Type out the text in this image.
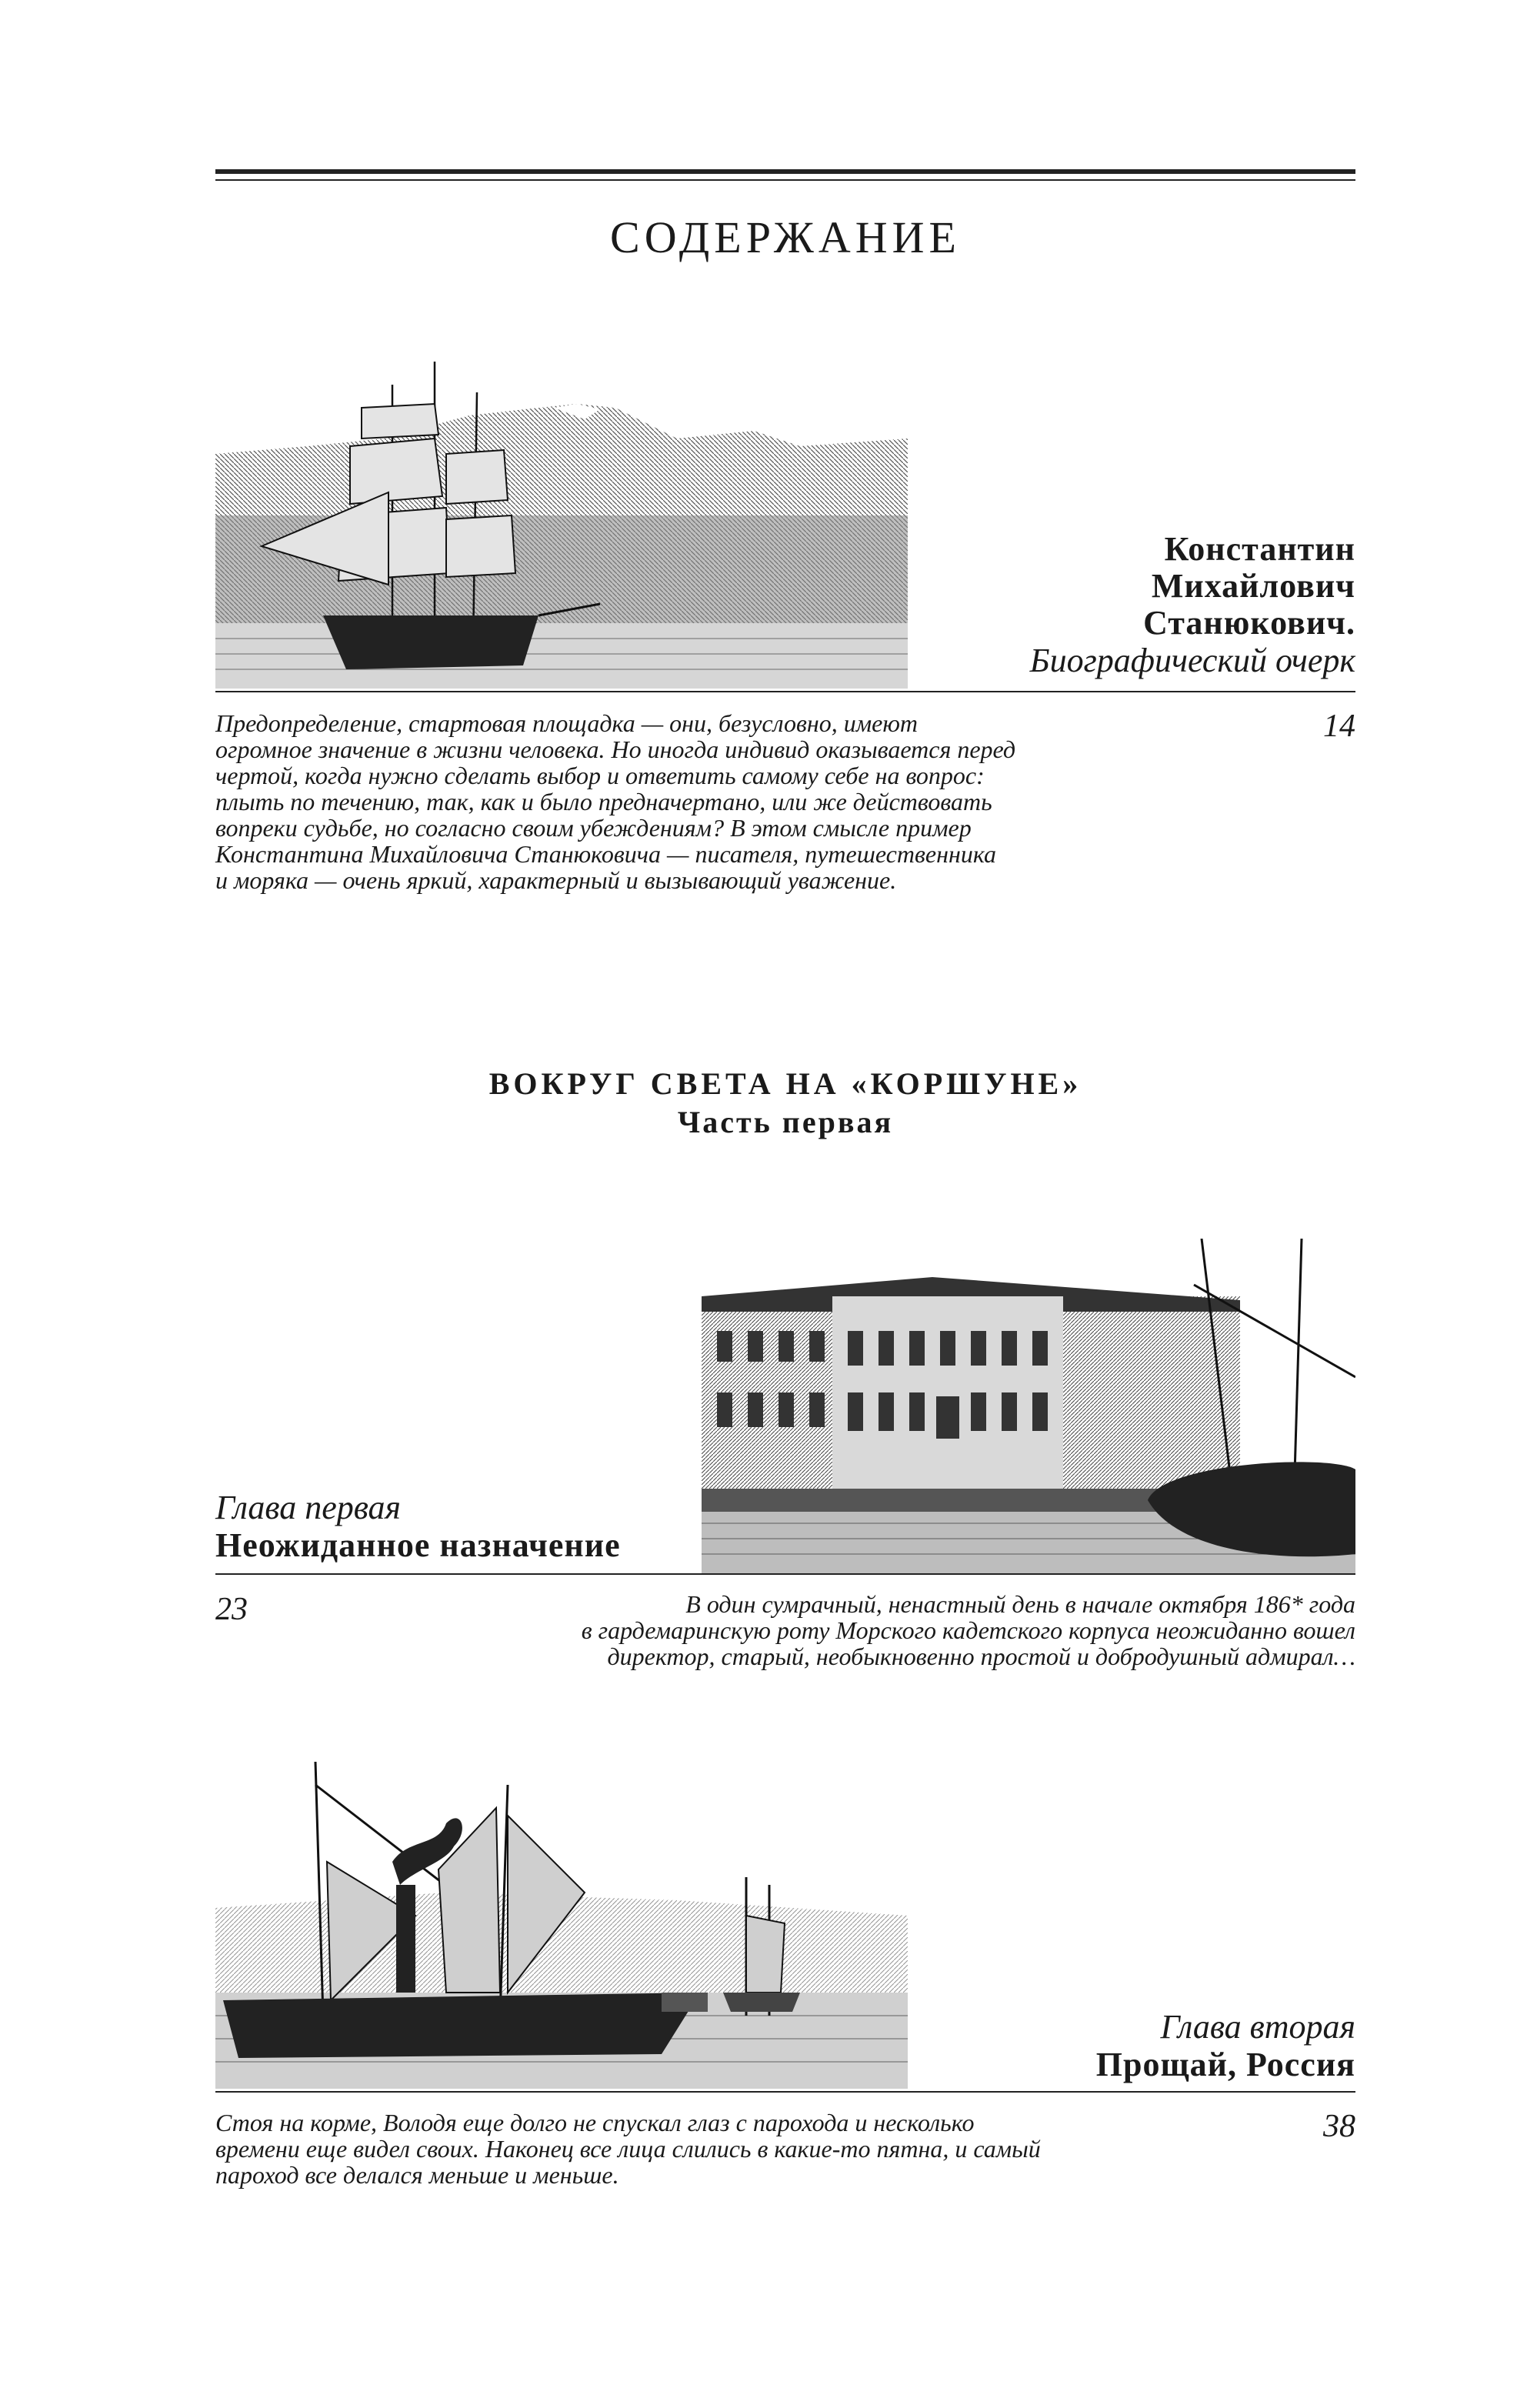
СОДЕРЖАНИЕ
Константин
Михайлович
Станюкович.
Биографический очерк
14
Предопределение, стартовая площадка — они, безусловно, имеют
огромное значение в жизни человека. Но иногда индивид оказывается перед
чертой, когда нужно сделать выбор и ответить самому себе на вопрос:
плыть по течению, так, как и было предначертано, или же действовать
вопреки судьбе, но согласно своим убеждениям? В этом смысле пример
Константина Михайловича Станюковича — писателя, путешественника
и моряка — очень яркий, характерный и вызывающий уважение.
ВОКРУГ СВЕТА НА «КОРШУНЕ»
Часть первая
Глава первая
Неожиданное назначение
23	В один сумрачный, ненастный день в начале октября 186* года
в гардемаринскую роту Морского кадетского корпуса неожиданно вошел
директор, старый, необыкновенно простой и добродушный адмирал…
Глава вторая
Прощай, Россия
38
Стоя на корме, Володя еще долго не спускал глаз с парохода и несколько
времени еще видел своих. Наконец все лица слились в какие-то пятна, и самый
пароход все делался меньше и меньше.
